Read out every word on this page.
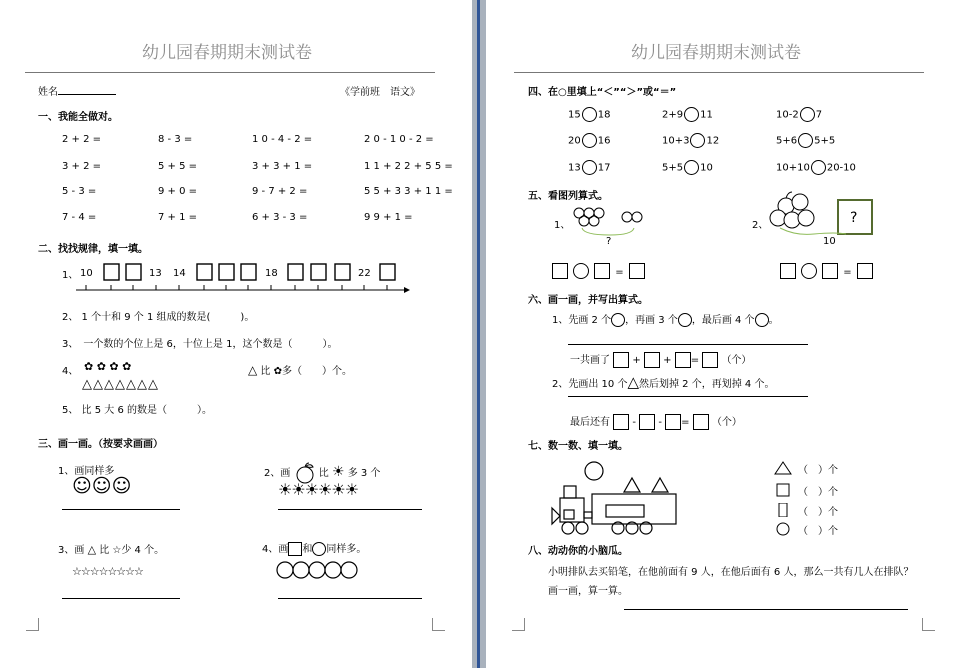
幼儿园春期期末测试卷
姓名	《学前班　语文》
一、我能全做对。
2 + 2 =	8 - 3 =	1 0 - 4 - 2 =	2 0 - 1 0 - 2 =
3 + 2 =	5 + 5 =	3 + 3 + 1 =	1 1 + 2 2 + 5 5 =
5 - 3 =	9 + 0 =	9 - 7 + 2 =	5 5 + 3 3 + 1 1 =
7 - 4 =	7 + 1 =	6 + 3 - 3 =	9 9 + 1 =
二、找找规律，填一填。
1、 10	13 14	18	22
2、 1 个十和 9 个 1 组成的数是(　　　)。
3、　一个数的个位上是 6，十位上是 1，这个数是（　　　）。
4、 ✿ ✿ ✿ ✿
△△△△△△△
△ 比 ✿多（　　）个。
5、 比 5 大 6 的数是（　　　）。
三、画一画。（按要求画画）
1、画同样多
☺☺☺
2、画	比 ☀ 多 3 个
☀☀☀☀☀☀
3、画 △ 比 ☆少 4 个。
☆☆☆☆☆☆☆☆
4、画 和 同样多。
幼儿园春期期末测试卷
四、在○里填上“＜”“＞”或“＝”
15 18	2+9 11	10-2 7
20 16	10+3 12	5+6 5+5
13 17	5+5 10	10+10 20-10
五、看图列算式。
1、
?
=
2、	?
10
=
六、画一画，并写出算式。
1、先画 2 个 ，再画 3 个 ，最后画 4 个 。
一共画了  +  + =  （个）
2、先画出 10 个△然后划掉 2 个，再划掉 4 个。
最后还有  -  - =  （个）
七、数一数、填一填。
（　）个
（　）个
（　）个
（　）个
八、动动你的小脑瓜。
小明排队去买铅笔，在他前面有 9 人，在他后面有 6 人，那么一共有几人在排队？
画一画，算一算。
